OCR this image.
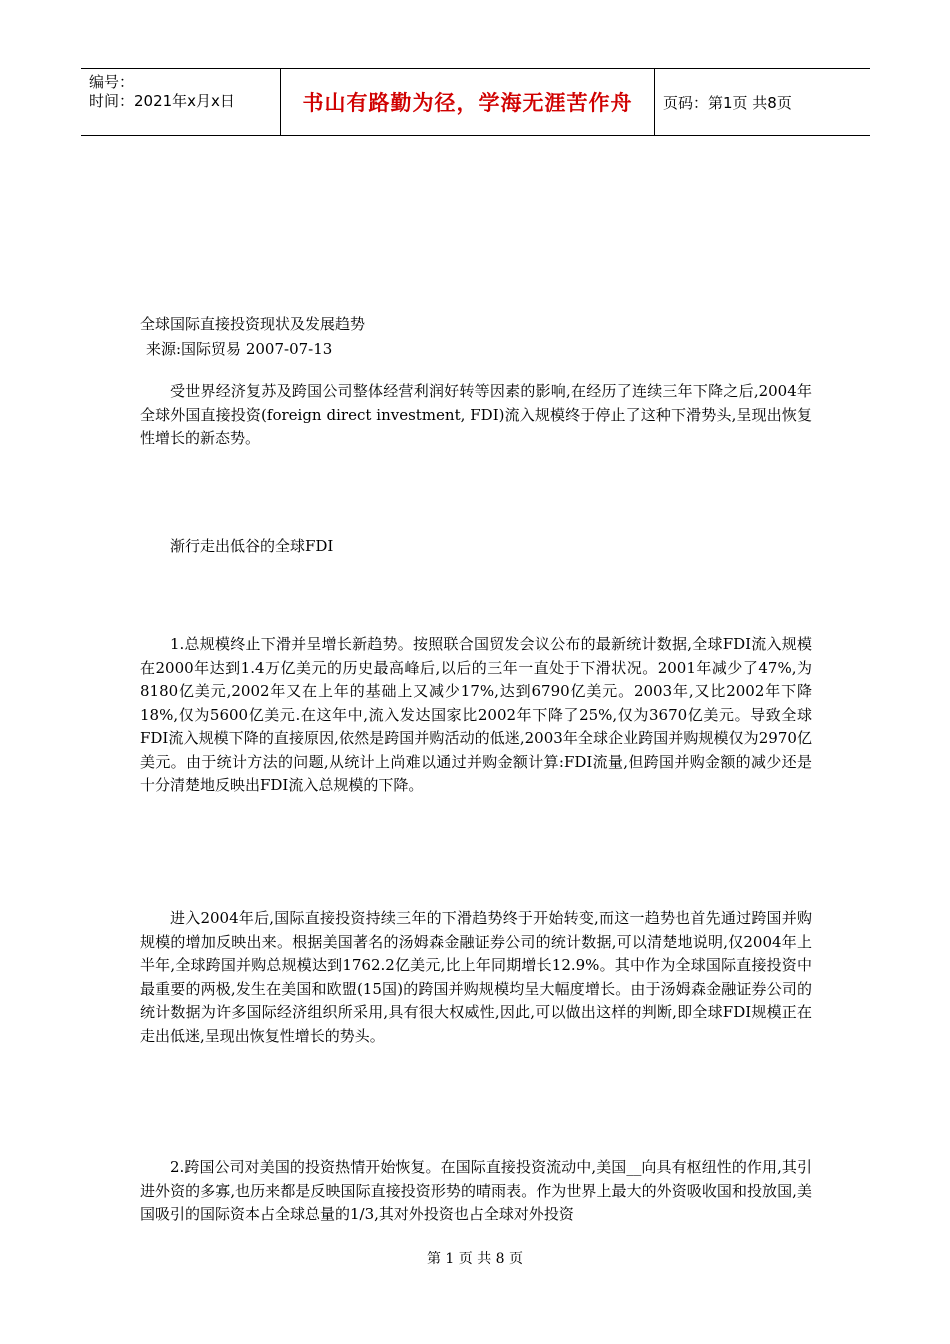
编号：
时间：2021年x月x日	书山有路勤为径，学海无涯苦作舟 页码：第1页 共8页
全球国际直接投资现状及发展趋势
来源:国际贸易 2007-07-13

受世界经济复苏及跨国公司整体经营利润好转等因素的影响,在经历了连续三年下降之后,2004年全球外国直接投资(foreign direct investment, FDI)流入规模终于停止了这种下滑势头,呈现出恢复性增长的新态势。

渐行走出低谷的全球FDI

1.总规模终止下滑并呈增长新趋势。按照联合国贸发会议公布的最新统计数据,全球FDI流入规模在2000年达到1.4万亿美元的历史最高峰后,以后的三年一直处于下滑状况。2001年减少了47%,为8180亿美元,2002年又在上年的基础上又减少17%,达到6790亿美元。2003年,又比2002年下降18%,仅为5600亿美元.在这年中,流入发达国家比2002年下降了25%,仅为3670亿美元。导致全球FDI流入规模下降的直接原因,依然是跨国并购活动的低迷,2003年全球企业跨国并购规模仅为2970亿美元。由于统计方法的问题,从统计上尚难以通过并购金额计算:FDI流量,但跨国并购金额的减少还是十分清楚地反映出FDI流入总规模的下降。

进入2004年后,国际直接投资持续三年的下滑趋势终于开始转变,而这一趋势也首先通过跨国并购规模的增加反映出来。根据美国著名的汤姆森金融证券公司的统计数据,可以清楚地说明,仅2004年上半年,全球跨国并购总规模达到1762.2亿美元,比上年同期增长12.9%。其中作为全球国际直接投资中最重要的两极,发生在美国和欧盟(15国)的跨国并购规模均呈大幅度增长。由于汤姆森金融证券公司的统计数据为许多国际经济组织所采用,具有很大权威性,因此,可以做出这样的判断,即全球FDI规模正在走出低迷,呈现出恢复性增长的势头。

2.跨国公司对美国的投资热情开始恢复。在国际直接投资流动中,美国__向具有枢纽性的作用,其引进外资的多寡,也历来都是反映国际直接投资形势的晴雨表。作为世界上最大的外资吸收国和投放国,美国吸引的国际资本占全球总量的1/3,其对外投资也占全球对外投资

第 1 页 共 8 页
